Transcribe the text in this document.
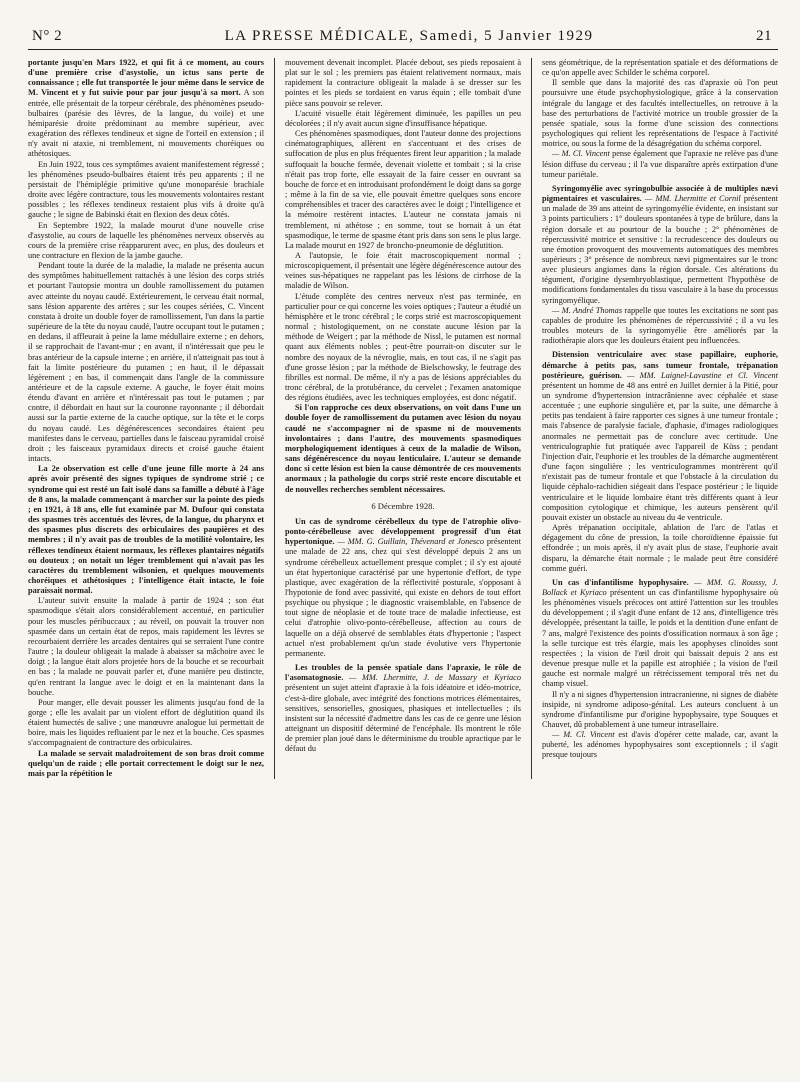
N° 2	LA PRESSE MÉDICALE, Samedi, 5 Janvier 1929	21

portante jusqu'en Mars 1922, et qui fit à ce moment, au cours d'une première crise d'asystolie, un ictus sans perte de connaissance ; elle fut transportée le jour même dans le service de M. Vincent et y fut suivie pour par jour jusqu'à sa mort. A son entrée, elle présentait de la torpeur cérébrale, des phénomènes pseudo-bulbaires (parésie des lèvres, de la langue, du voile) et une hémiparésie droite prédominant au membre supérieur, avec exagération des réflexes tendineux et signe de l'orteil en extension ; il n'y avait ni ataxie, ni tremblement, ni mouvements choréiques ou athétosiques.

En Juin 1922, tous ces symptômes avaient manifestement régressé ; les phénomènes pseudo-bulbaires étaient très peu apparents ; il ne persistait de l'hémiplégie primitive qu'une monoparésie brachiale droite avec légère contracture, tous les mouvements volontaires restant possibles ; les réflexes tendineux restaient plus vifs à droite qu'à gauche ; le signe de Babinski était en flexion des deux côtés.

En Septembre 1922, la malade mourut d'une nouvelle crise d'asystolie, au cours de laquelle les phénomènes nerveux observés au cours de la première crise réapparurent avec, en plus, des douleurs et une contracture en flexion de la jambe gauche.

Pendant toute la durée de la maladie, la malade ne présenta aucun des symptômes habituellement rattachés à une lésion des corps striés et pourtant l'autopsie montra un double ramollissement du putamen avec atteinte du noyau caudé. Extérieurement, le cerveau était normal, sans lésion apparente des artères ; sur les coupes sériées, C. Vincent constata à droite un double foyer de ramollissement, l'un dans la partie supérieure de la tête du noyau caudé, l'autre occupant tout le putamen ; en dedans, il affleurait à peine la lame médullaire externe ; en dehors, il se rapprochait de l'avant-mur ; en avant, il n'intéressait que peu le bras antérieur de la capsule interne ; en arrière, il n'atteignait pas tout à fait la limite postérieure du putamen ; en haut, il le dépassait légèrement ; en bas, il commençait dans l'angle de la commissure antérieure et de la capsule externe. A gauche, le foyer était moins étendu d'avant en arrière et n'intéressait pas tout le putamen ; par contre, il débordait en haut sur la couronne rayonnante ; il débordait aussi sur la partie externe de la cauche optique, sur la tête et le corps du noyau caudé. Les dégénérescences secondaires étaient peu manifestes dans le cerveau, partielles dans le faisceau pyramidal croisé droit ; les faisceaux pyramidaux directs et croisé gauche étaient intacts.

La 2e observation est celle d'une jeune fille morte à 24 ans après avoir présenté des signes typiques de syndrome strié ; ce syndrome qui est resté un fait isolé dans sa famille a débuté à l'âge de 8 ans, la malade commençant à marcher sur la pointe des pieds ; en 1921, à 18 ans, elle fut examinée par M. Dufour qui constata des spasmes très accentués des lèvres, de la langue, du pharynx et des spasmes plus discrets des orbiculaires des paupières et des membres ; il n'y avait pas de troubles de la motilité volontaire, les réflexes tendineux étaient normaux, les réflexes plantaires négatifs ou douteux ; on notait un léger tremblement qui n'avait pas les caractères du tremblement wilsonien, et quelques mouvements choréiques et athétosiques ; l'intelligence était intacte, le foie paraissait normal.

L'auteur suivit ensuite la malade à partir de 1924 ; son état spasmodique s'était alors considérablement accentué, en particulier pour les muscles péribuccaux ; au réveil, on pouvait la trouver non spasmée dans un certain état de repos, mais rapidement les lèvres se recourbaient derrière les arcades dentaires qui se serraient l'une contre l'autre ; la douleur obligeait la malade à abaisser sa mâchoire avec le doigt ; la langue était alors projetée hors de la bouche et se recourbait en bas ; la malade ne pouvait parler et, d'une manière peu distincte, qu'en rentrant la langue avec le doigt et en la maintenant dans la bouche.

Pour manger, elle devait pousser les aliments jusqu'au fond de la gorge ; elle les avalait par un violent effort de déglutition quand ils étaient humectés de salive ; une manœuvre analogue lui permettait de boire, mais les liquides refluaient par le nez et la bouche. Ces spasmes s'accompagnaient de contracture des orbiculaires.

La malade se servait maladroitement de son bras droit comme quelqu'un de raide ; elle portait correctement le doigt sur le nez, mais par la répétition le

mouvement devenait incomplet. Placée debout, ses pieds reposaient à plat sur le sol ; les premiers pas étaient relativement normaux, mais rapidement la contracture obligeait la malade à se dresser sur les pointes et les pieds se tordaient en varus équin ; elle tombait d'une pièce sans pouvoir se relever.

L'acuité visuelle était légèrement diminuée, les papilles un peu décolorées ; il n'y avait aucun signe d'insuffisance hépatique.

Ces phénomènes spasmodiques, dont l'auteur donne des projections cinématographiques, allèrent en s'accentuant et des crises de suffocation de plus en plus fréquentes firent leur apparition ; la malade suffoquait la bouche fermée, devenait violette et tombait ; si la crise n'était pas trop forte, elle essayait de la faire cesser en ouvrant sa bouche de force et en introduisant profondément le doigt dans sa gorge ; même à la fin de sa vie, elle pouvait émettre quelques sons encore compréhensibles et tracer des caractères avec le doigt ; l'intelligence et la mémoire restèrent intactes. L'auteur ne constata jamais ni tremblement, ni athétose ; en somme, tout se bornait à un état spasmodique, le terme de spasme étant pris dans son sens le plus large. La malade mourut en 1927 de broncho-pneumonie de déglutition.

A l'autopsie, le foie était macroscopiquement normal ; microscopiquement, il présentait une légère dégénérescence autour des veines sus-hépatiques ne rappelant pas les lésions de cirrhose de la maladie de Wilson.

L'étude complète des centres nerveux n'est pas terminée, en particulier pour ce qui concerne les voies optiques ; l'auteur a étudié un hémisphère et le tronc cérébral ; le corps strié est macroscopiquement normal ; histologiquement, on ne constate aucune lésion par la méthode de Weigert ; par la méthode de Nissl, le putamen est normal quant aux éléments nobles ; peut-être pourrait-on discuter sur le nombre des noyaux de la névroglie, mais, en tout cas, il ne s'agit pas d'une grosse lésion ; par la méthode de Bielschowsky, le feutrage des fibrilles est normal. De même, il n'y a pas de lésions appréciables du tronc cérébral, de la protubérance, du cervelet ; l'examen anatomique des régions étudiées, avec les techniques employées, est donc négatif.

Si l'on rapproche ces deux observations, on voit dans l'une un double foyer de ramollissement du putamen avec lésion du noyau caudé ne s'accompagner ni de spasme ni de mouvements involontaires ; dans l'autre, des mouvements spasmodiques morphologiquement identiques à ceux de la maladie de Wilson, sans dégénérescence du noyau lenticulaire. L'auteur se demande donc si cette lésion est bien la cause démontrée de ces mouvements anormaux ; la pathologie du corps strié reste encore discutable et de nouvelles recherches semblent nécessaires.

6 Décembre 1928.

Un cas de syndrome cérébelleux du type de l'atrophie olivo-ponto-cérébelleuse avec développement progressif d'un état hypertonique. — MM. G. Guillain, Thévenard et Jonesco présentent une malade de 22 ans, chez qui s'est développé depuis 2 ans un syndrome cérébelleux actuellement presque complet ; il s'y est ajouté un état hypertonique caractérisé par une hypertonie d'effort, de type plastique, avec exagération de la réflectivité posturale, s'opposant à l'hypotonie de fond avec passivité, qui existe en dehors de tout effort psychique ou physique ; le diagnostic vraisemblable, en l'absence de tout signe de néoplasie et de toute trace de maladie infectieuse, est celui d'atrophie olivo-ponto-cérébelleuse, affection au cours de laquelle on a déjà observé de semblables états d'hypertonie ; l'aspect actuel n'est probablement qu'un stade évolutive vers l'hypertonie permanente.

Les troubles de la pensée spatiale dans l'apraxie, le rôle de l'asomatognosie. — MM. Lhermitte, J. de Massary et Kyriaco présentent un sujet atteint d'apraxie à la fois idéatoire et idéo-motrice, c'est-à-dire globale, avec intégrité des fonctions motrices élémentaires, sensitives, sensorielles, gnosiques, phasiques et intellectuelles ; ils insistent sur la nécessité d'admettre dans les cas de ce genre une lésion atteignant un dispositif déterminé de l'encéphale. Ils montrent le rôle de premier plan joué dans le déterminisme du trouble apractique par le défaut du

sens géométrique, de la représentation spatiale et des déformations de ce qu'on appelle avec Schilder le schéma corporel.

Il semble que dans la majorité des cas d'apraxie où l'on peut poursuivre une étude psychophysiologique, grâce à la conservation intégrale du langage et des facultés intellectuelles, on retrouve à la base des perturbations de l'activité motrice un trouble grossier de la pensée spatiale, sous la forme d'une scission des connections psychologiques qui relient les représentations de l'espace à l'activité motrice, ou sous la forme de la désagrégation du schéma corporel.

— M. Cl. Vincent pense également que l'apraxie ne relève pas d'une lésion diffuse du cerveau ; il l'a vue disparaître après extirpation d'une tumeur pariétale.

Syringomyélie avec syringobulbie associée à de multiples nævi pigmentaires et vasculaires. — MM. Lhermitte et Cornil présentent un malade de 39 ans atteint de syringomyélie évidente, en insistant sur 3 points particuliers : 1° douleurs spontanées à type de brûlure, dans la région dorsale et au pourtour de la bouche ; 2° phénomènes de répercussivité motrice et sensitive : la recrudescence des douleurs ou une émotion provoquent des mouvements automatiques des membres supérieurs ; 3° présence de nombreux nævi pigmentaires sur le tronc avec plusieurs angiomes dans la région dorsale. Ces altérations du tégument, d'origine dysembryoblastique, permettent l'hypothèse de modifications fondamentales du tissu vasculaire à la base du processus syringomyélique.

— M. André Thomas rappelle que toutes les excitations ne sont pas capables de produire les phénomènes de répercussivité ; il a vu les troubles moteurs de la syringomyélie être améliorés par la radiothérapie alors que les douleurs étaient peu influencées.

Distension ventriculaire avec stase papillaire, euphorie, démarche à petits pas, sans tumeur frontale, trépanation postérieure, guérison. — MM. Laignel-Lavastine et Cl. Vincent présentent un homme de 48 ans entré en Juillet dernier à la Pitié, pour un syndrome d'hypertension intracrânienne avec céphalée et stase accentuée ; une euphorie singulière et, par la suite, une démarche à petits pas tendaient à faire rapporter ces signes à une tumeur frontale ; mais l'absence de paralysie faciale, d'aphasie, d'images radiologiques anormales ne permettait pas de conclure avec certitude. Une ventriculographie fut pratiquée avec l'appareil de Küss ; pendant l'injection d'air, l'euphorie et les troubles de la démarche augmentèrent d'une façon singulière ; les ventriculogrammes montrèrent qu'il n'existait pas de tumeur frontale et que l'obstacle à la circulation du liquide céphalo-rachidien siégeait dans l'espace postérieur ; le liquide ventriculaire et le liquide lombaire étant très différents quant à leur composition cytologique et chimique, les auteurs pensèrent qu'il pouvait exister un obstacle au niveau du 4e ventricule.

Après trépanation occipitale, ablation de l'arc de l'atlas et dégagement du cône de pression, la toile choroïdienne épaissie fut effondrée ; un mois après, il n'y avait plus de stase, l'euphorie avait disparu, la démarche était normale ; le malade peut être considéré comme guéri.

Un cas d'infantilisme hypophysaire. — MM. G. Roussy, J. Bollack et Kyriaco présentent un cas d'infantilisme hypophysaire où les phénomènes visuels précoces ont attiré l'attention sur les troubles du développement ; il s'agit d'une enfant de 12 ans, d'intelligence très développée, présentant la taille, le poids et la dentition d'une enfant de 7 ans, malgré l'existence des points d'ossification normaux à son âge ; la selle turcique est très élargie, mais les apophyses clinoïdes sont respectées ; la vision de l'œil droit qui baissait depuis 2 ans est devenue presque nulle et la papille est atrophiée ; la vision de l'œil gauche est normale malgré un rétrécissement temporal très net du champ visuel.

Il n'y a ni signes d'hypertension intracranienne, ni signes de diabète insipide, ni syndrome adiposo-génital. Les auteurs concluent à un syndrome d'infantilisme pur d'origine hypophysaire, type Souques et Chauvet, dû probablement à une tumeur intrasellaire.

— M. Cl. Vincent est d'avis d'opérer cette malade, car, avant la puberté, les adénomes hypophysaires sont exceptionnels ; il s'agit presque toujours
